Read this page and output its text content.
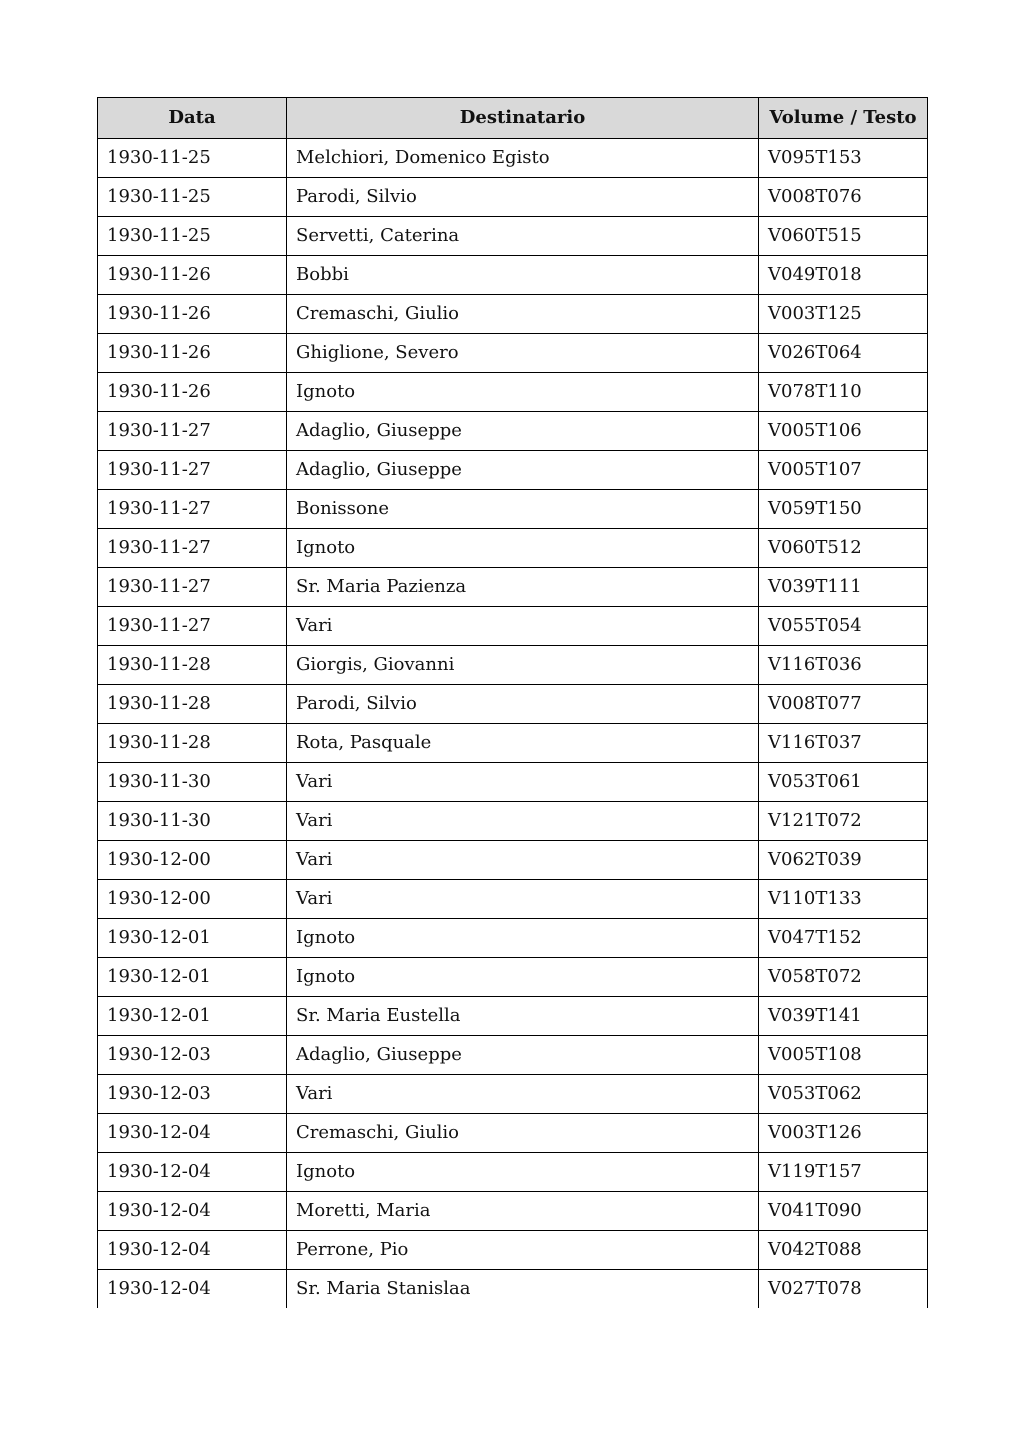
Data	Destinatario	Volume / Testo
1930-11-25	Melchiori, Domenico Egisto	V095T153
1930-11-25	Parodi, Silvio	V008T076
1930-11-25	Servetti, Caterina	V060T515
1930-11-26	Bobbi	V049T018
1930-11-26	Cremaschi, Giulio	V003T125
1930-11-26	Ghiglione, Severo	V026T064
1930-11-26	Ignoto	V078T110
1930-11-27	Adaglio, Giuseppe	V005T106
1930-11-27	Adaglio, Giuseppe	V005T107
1930-11-27	Bonissone	V059T150
1930-11-27	Ignoto	V060T512
1930-11-27	Sr. Maria Pazienza	V039T111
1930-11-27	Vari	V055T054
1930-11-28	Giorgis, Giovanni	V116T036
1930-11-28	Parodi, Silvio	V008T077
1930-11-28	Rota, Pasquale	V116T037
1930-11-30	Vari	V053T061
1930-11-30	Vari	V121T072
1930-12-00	Vari	V062T039
1930-12-00	Vari	V110T133
1930-12-01	Ignoto	V047T152
1930-12-01	Ignoto	V058T072
1930-12-01	Sr. Maria Eustella	V039T141
1930-12-03	Adaglio, Giuseppe	V005T108
1930-12-03	Vari	V053T062
1930-12-04	Cremaschi, Giulio	V003T126
1930-12-04	Ignoto	V119T157
1930-12-04	Moretti, Maria	V041T090
1930-12-04	Perrone, Pio	V042T088
1930-12-04	Sr. Maria Stanislaa	V027T078
